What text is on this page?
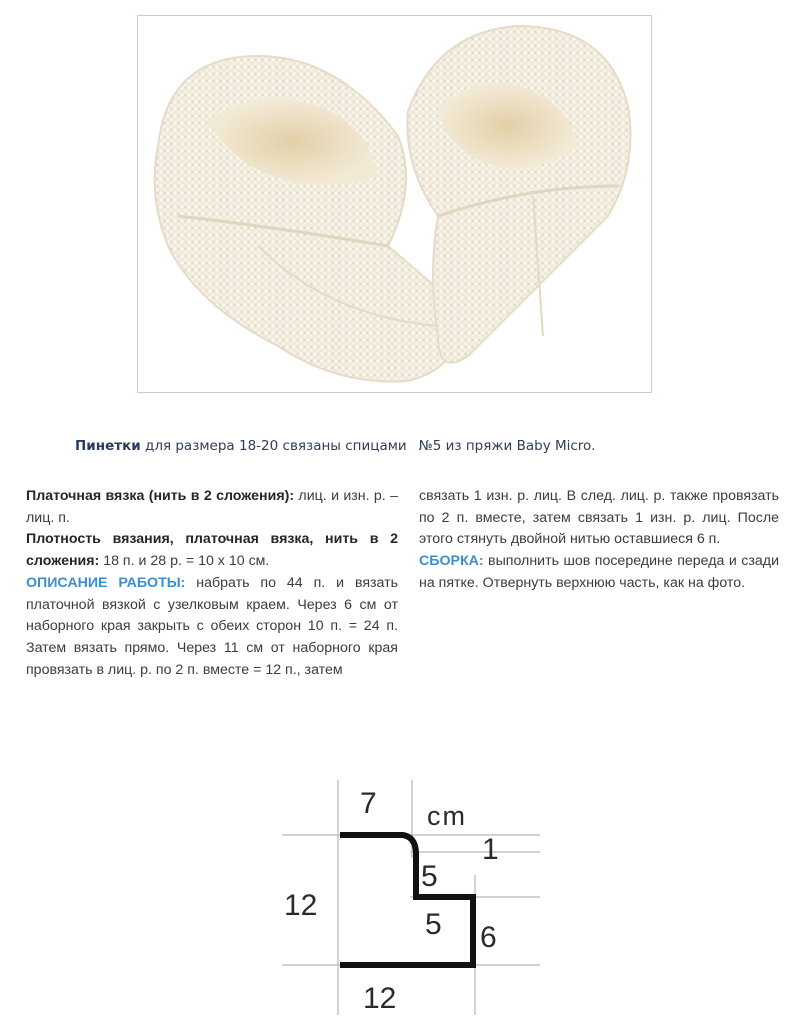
Пинетки для размера 18-20 связаны спицами №5 из пряжи Baby Micro.
Платочная вязка (нить в 2 сложения): лиц. и изн. р. – лиц. п.
Плотность вязания, платочная вязка, нить в 2 сложения: 18 п. и 28 р. = 10 х 10 см.
ОПИСАНИЕ РАБОТЫ: набрать по 44 п. и вязать платочной вязкой с узелковым краем. Через 6 см от наборного края закрыть с обеих сторон 10 п. = 24 п. Затем вязать прямо. Через 11 см от наборного края провязать в лиц. р. по 2 п. вместе = 12 п., затем
связать 1 изн. р. лиц. В след. лиц. р. также провязать по 2 п. вместе, затем связать 1 изн. р. лиц. После этого стянуть двойной нитью оставшиеся 6 п.
СБОРКА: выполнить шов посередине переда и сзади на пятке. Отвернуть верхнюю часть, как на фото.
7 cm
1
12
5
5 6
12
